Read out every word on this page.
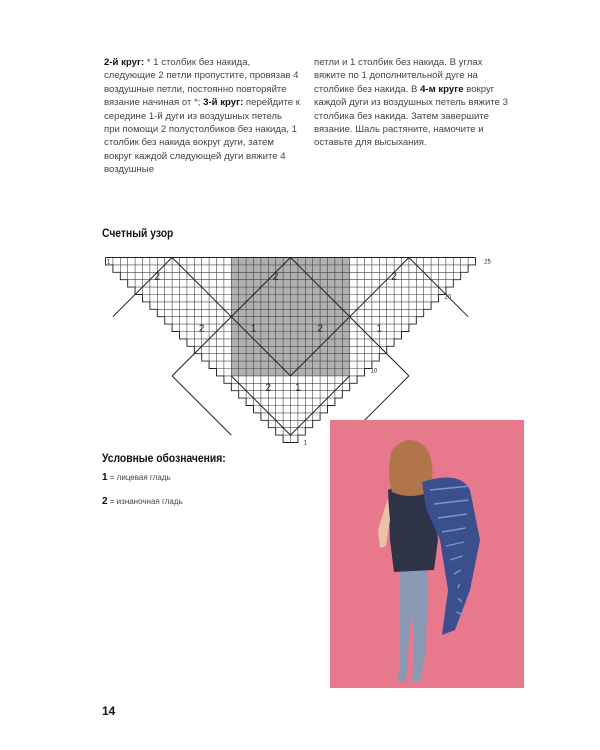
2-й круг: * 1 столбик без накида, следующие 2 петли пропустите, провязав 4 воздушные петли, постоянно повторяйте вязание начиная от *; 3-й круг: перейдите к середине 1-й дуги из воздушных петель при помощи 2 полустолбиков без накида, 1 столбик без накида вокруг дуги, затем вокруг каждой следующей дуги вяжите 4 воздушные
петли и 1 столбик без накида. В углах вяжите по 1 дополнительной дуге на столбике без накида. В 4-м круге вокруг каждой дуги из воздушных петель вяжите 3 столбика без накида. Затем завершите вязание. Шаль растяните, намочите и оставьте для высыхания.
Счетный узор
2	2	2
2	1	2	1
2 1
25
20
10
1
1
Условные обозначения:
1 = лицевая гладь
2 = изнаночная гладь
14
